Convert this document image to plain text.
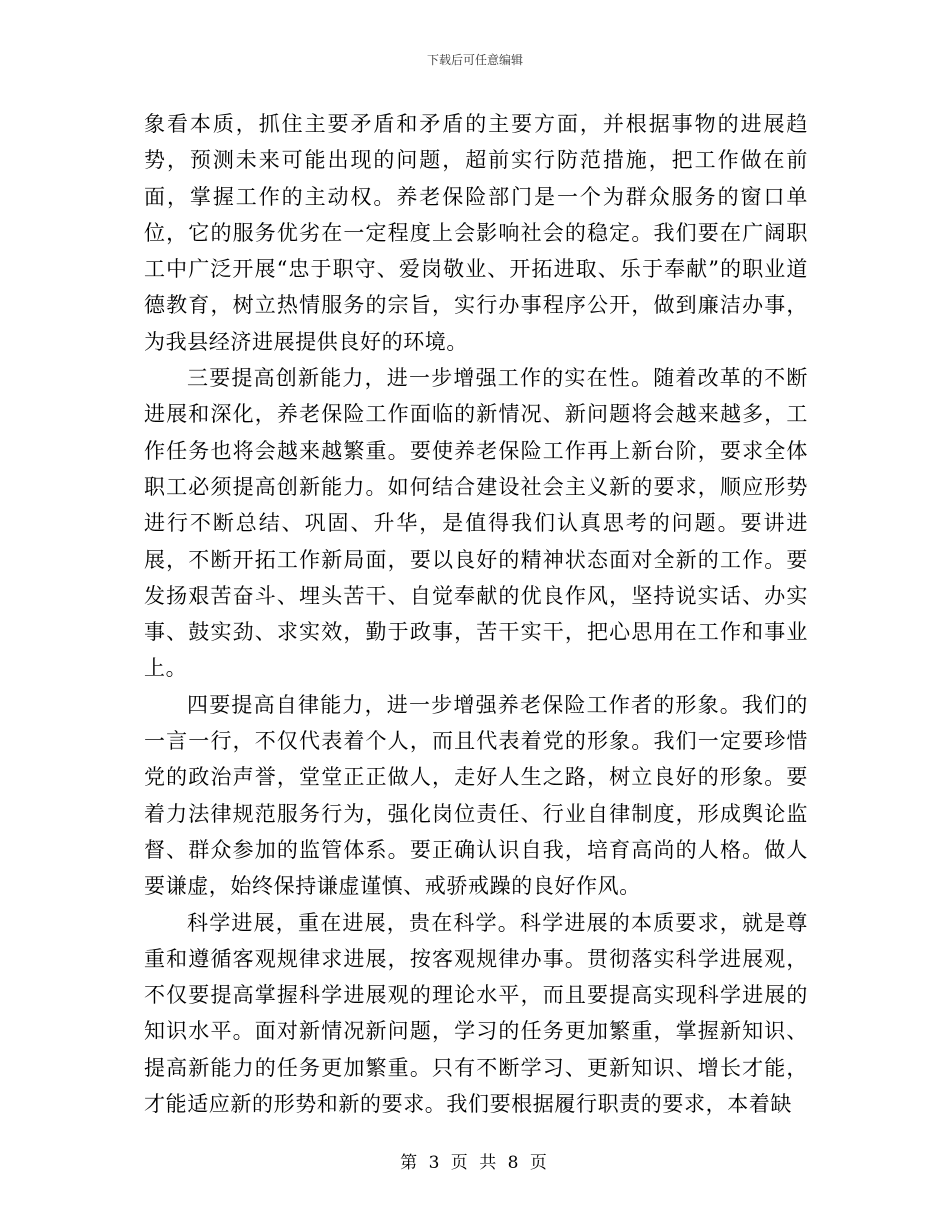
下载后可任意编辑

象看本质，抓住主要矛盾和矛盾的主要方面，并根据事物的进展趋势，预测未来可能出现的问题，超前实行防范措施，把工作做在前面，掌握工作的主动权。养老保险部门是一个为群众服务的窗口单位，它的服务优劣在一定程度上会影响社会的稳定。我们要在广阔职工中广泛开展“忠于职守、爱岗敬业、开拓进取、乐于奉献”的职业道德教育，树立热情服务的宗旨，实行办事程序公开，做到廉洁办事，为我县经济进展提供良好的环境。

三要提高创新能力，进一步增强工作的实在性。随着改革的不断进展和深化，养老保险工作面临的新情况、新问题将会越来越多，工作任务也将会越来越繁重。要使养老保险工作再上新台阶，要求全体职工必须提高创新能力。如何结合建设社会主义新的要求，顺应形势进行不断总结、巩固、升华，是值得我们认真思考的问题。要讲进展，不断开拓工作新局面，要以良好的精神状态面对全新的工作。要发扬艰苦奋斗、埋头苦干、自觉奉献的优良作风，坚持说实话、办实事、鼓实劲、求实效，勤于政事，苦干实干，把心思用在工作和事业上。

四要提高自律能力，进一步增强养老保险工作者的形象。我们的一言一行，不仅代表着个人，而且代表着党的形象。我们一定要珍惜党的政治声誉，堂堂正正做人，走好人生之路，树立良好的形象。要着力法律规范服务行为，强化岗位责任、行业自律制度，形成舆论监督、群众参加的监管体系。要正确认识自我，培育高尚的人格。做人要谦虚，始终保持谦虚谨慎、戒骄戒躁的良好作风。

科学进展，重在进展，贵在科学。科学进展的本质要求，就是尊重和遵循客观规律求进展，按客观规律办事。贯彻落实科学进展观，不仅要提高掌握科学进展观的理论水平，而且要提高实现科学进展的知识水平。面对新情况新问题，学习的任务更加繁重，掌握新知识、提高新能力的任务更加繁重。只有不断学习、更新知识、增长才能，才能适应新的形势和新的要求。我们要根据履行职责的要求，本着缺

第 3 页 共 8 页
